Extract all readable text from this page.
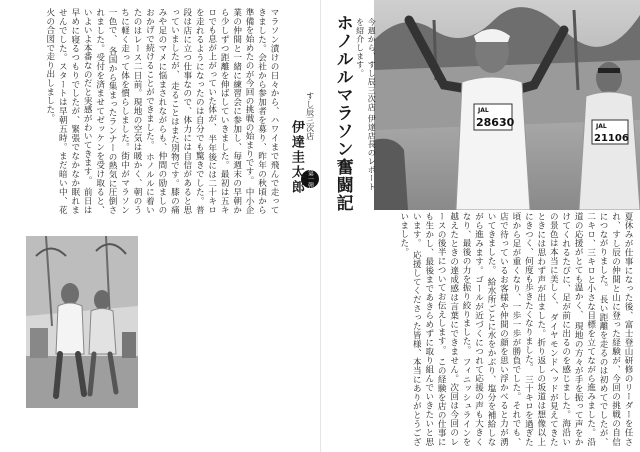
夏休みが仕事になった後、富士登山研修のリーダーを任され、すし辰の仲間と山に登った経験が、今回の挑戦の自信につながりました。 長い距離を走るのは初めてでしたが、二キロ、三キロと小さな目標を立てながら進みました。沿道の応援がとても温かく、 現地の方々が手を振って声をかけてくれるたびに、足が前に出るのを感じました。海沿いの景色は本当に美しく、 ダイヤモンドヘッドが見えてきたときには思わず声が出ました。折り返しの坂道は想像以上にきつく、何度も歩きたくなりました。 三十キロを過ぎた頃から足が重くなり、一歩一歩が勝負でした。それでも、店で待っているお客様や仲間の顔を思い浮かべると力が湧いてきました。 給水所ごとに水をかぶり、塩分を補給しながら進みます。ゴールが近づくにつれて応援の声も大きくなり、最後の力を振り絞りました。 フィニッシュラインを越えたときの達成感は言葉にできません。次回は今回のレースの後半についてお伝えします。 この経験を店の仕事にも生かし、最後まであきらめずに取り組んでいきたいと思います。 応援してくださった皆様、本当にありがとうございました。
JAL
28630	JAL
21106
今週から、すし辰三次店 伊達店長のレポートを紹介します。
ホノルルマラソン奮闘記
第一弾
すし辰三次店
伊達圭太郎
マラソン漬けの日々から、ハワイまで飛んで走ってきました。会社から参加者を募り、昨年の秋頃から準備を始めたのが今回の挑戦の始まりです。 中小企業の仲間と一緒に練習会に参加し、毎週末の早朝から少しずつ距離を伸ばしていきました。最初は五キロでも息が上がっていた体が、 半年後には二十キロを走れるようになったのは自分でも驚きでした。普段は店に立つ仕事なので、体力には自信があると思っていましたが、 走ることはまた別物です。膝の痛みや足のマメに悩まされながらも、仲間の励ましのおかげで続けることができました。 ホノルルに着いたのはレース二日前。現地の空気は暖かく、朝のうちに軽く走って体を慣らしました。街中がマラソン一色で、 各国から集まったランナーの熱気に圧倒されました。受付を済ませてゼッケンを受け取ると、いよいよ本番なのだと実感がわいてきます。 前日は早めに寝るつもりでしたが、緊張でなかなか眠れませんでした。スタートは早朝五時。まだ暗い中、花火の合図で走り出しました。
